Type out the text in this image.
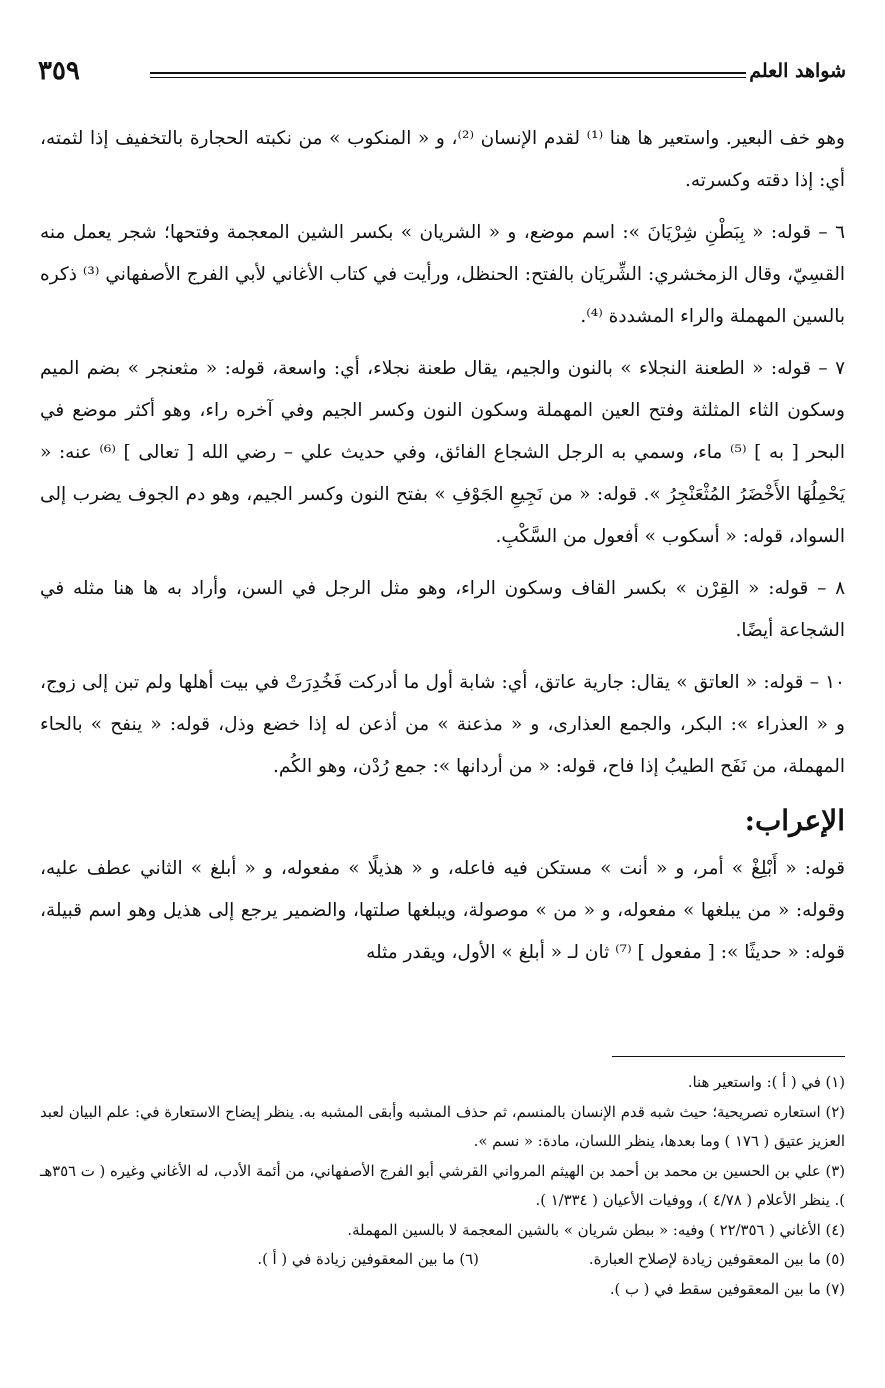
شواهد العلم
٣٥٩

وهو خف البعير. واستعير ها هنا ⁽¹⁾ لقدم الإنسان ⁽²⁾، و « المنكوب » من نكبته الحجارة بالتخفيف إذا لثمته، أي: إذا دقته وكسرته.

٦ – قوله: « بِبَطْنِ شِرْيَانَ »: اسم موضع، و « الشريان » بكسر الشين المعجمة وفتحها؛ شجر يعمل منه القسِيّ، وقال الزمخشري: الشِّريَان بالفتح: الحنظل، ورأيت في كتاب الأغاني لأبي الفرج الأصفهاني ⁽³⁾ ذكره بالسين المهملة والراء المشددة ⁽⁴⁾.

٧ – قوله: « الطعنة النجلاء » بالنون والجيم، يقال طعنة نجلاء، أي: واسعة، قوله: « مثعنجر » بضم الميم وسكون الثاء المثلثة وفتح العين المهملة وسكون النون وكسر الجيم وفي آخره راء، وهو أكثر موضع في البحر [ به ] ⁽⁵⁾ ماء، وسمي به الرجل الشجاع الفائق، وفي حديث علي – رضي الله [ تعالى ] ⁽⁶⁾ عنه: « يَحْمِلُهَا الأَخْضَرُ المُثْعَنْجِرُ ». قوله: « من نَجِيعِ الجَوْفِ » بفتح النون وكسر الجيم، وهو دم الجوف يضرب إلى السواد، قوله: « أسكوب » أفعول من السَّكْبِ.

٨ – قوله: « القِرْن » بكسر القاف وسكون الراء، وهو مثل الرجل في السن، وأراد به ها هنا مثله في الشجاعة أيضًا.

١٠ – قوله: « العاتق » يقال: جارية عاتق، أي: شابة أول ما أدركت فَخُدِرَتْ في بيت أهلها ولم تبن إلى زوج، و « العذراء »: البكر، والجمع العذارى، و « مذعنة » من أذعن له إذا خضع وذل، قوله: « ينفح » بالحاء المهملة، من نَفَح الطيبُ إذا فاح، قوله: « من أردانها »: جمع رُدْن، وهو الكُم.

الإعراب:

قوله: « أَبْلِغْ » أمر، و « أنت » مستكن فيه فاعله، و « هذيلًا » مفعوله، و « أبلغ » الثاني عطف عليه، وقوله: « من يبلغها » مفعوله، و « من » موصولة، ويبلغها صلتها، والضمير يرجع إلى هذيل وهو اسم قبيلة، قوله: « حديثًا »: [ مفعول ] ⁽⁷⁾ ثان لـ « أبلغ » الأول، ويقدر مثله

(١) في ( أ ): واستعير هنا.

(٢) استعاره تصريحية؛ حيث شبه قدم الإنسان بالمنسم، ثم حذف المشبه وأبقى المشبه به. ينظر إيضاح الاستعارة في: علم البيان لعبد العزيز عتيق ( ١٧٦ ) وما بعدها، ينظر اللسان، مادة: « نسم ».

(٣) علي بن الحسين بن محمد بن أحمد بن الهيثم المرواني القرشي أبو الفرج الأصفهاني، من أئمة الأدب، له الأغاني وغيره ( ت ٣٥٦هـ ). ينظر الأعلام ( ٤/٧٨ )، ووفيات الأعيان ( ١/٣٣٤ ).

(٤) الأغاني ( ٢٢/٣٥٦ ) وفيه: « ببطن شريان » بالشين المعجمة لا بالسين المهملة.

(٥) ما بين المعقوفين زيادة لإصلاح العبارة.

(٦) ما بين المعقوفين زيادة في ( أ ).

(٧) ما بين المعقوفين سقط في ( ب ).
